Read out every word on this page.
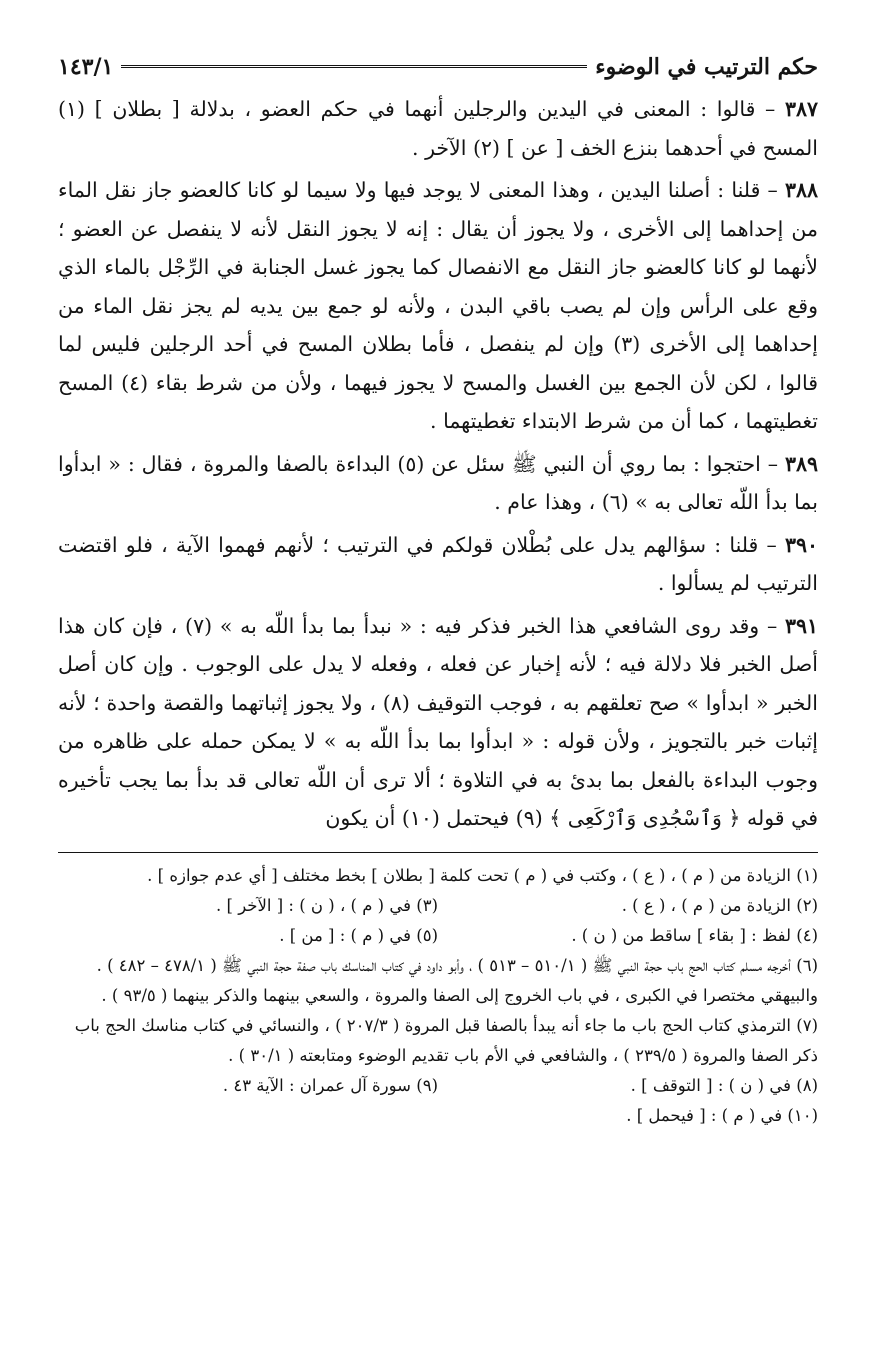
حكم الترتيب في الوضوء
١٤٣/١

٣٨٧ – قالوا : المعنى في اليدين والرجلين أنهما في حكم العضو ، بدلالة [ بطلان ] (١) المسح في أحدهما بنزع الخف [ عن ] (٢) الآخر .

٣٨٨ – قلنا : أصلنا اليدين ، وهذا المعنى لا يوجد فيها ولا سيما لو كانا كالعضو جاز نقل الماء من إحداهما إلى الأخرى ، ولا يجوز أن يقال : إنه لا يجوز النقل لأنه لا ينفصل عن العضو ؛ لأنهما لو كانا كالعضو جاز النقل مع الانفصال كما يجوز غسل الجنابة في الرِّجْل بالماء الذي وقع على الرأس وإن لم يصب باقي البدن ، ولأنه لو جمع بين يديه لم يجز نقل الماء من إحداهما إلى الأخرى (٣) وإن لم ينفصل ، فأما بطلان المسح في أحد الرجلين فليس لما قالوا ، لكن لأن الجمع بين الغسل والمسح لا يجوز فيهما ، ولأن من شرط بقاء (٤) المسح تغطيتهما ، كما أن من شرط الابتداء تغطيتهما .

٣٨٩ – احتجوا : بما روي أن النبي ﷺ سئل عن (٥) البداءة بالصفا والمروة ، فقال : « ابدأوا بما بدأ اللّه تعالى به » (٦) ، وهذا عام .

٣٩٠ – قلنا : سؤالهم يدل على بُطْلان قولكم في الترتيب ؛ لأنهم فهموا الآية ، فلو اقتضت الترتيب لم يسألوا .

٣٩١ – وقد روى الشافعي هذا الخبر فذكر فيه : « نبدأ بما بدأ اللّه به » (٧) ، فإن كان هذا أصل الخبر فلا دلالة فيه ؛ لأنه إخبار عن فعله ، وفعله لا يدل على الوجوب . وإن كان أصل الخبر « ابدأوا » صح تعلقهم به ، فوجب التوقيف (٨) ، ولا يجوز إثباتهما والقصة واحدة ؛ لأنه إثبات خبر بالتجويز ، ولأن قوله : « ابدأوا بما بدأ اللّه به » لا يمكن حمله على ظاهره من وجوب البداءة بالفعل بما بدئ به في التلاوة ؛ ألا ترى أن اللّه تعالى قد بدأ بما يجب تأخيره في قوله ﴿ وَٱسْجُدِى وَٱرْكَعِى ﴾ (٩) فيحتمل (١٠) أن يكون

(١) الزيادة من ( م ) ، ( ع ) ، وكتب في ( م ) تحت كلمة [ بطلان ] بخط مختلف [ أي عدم جوازه ] .

(٢) الزيادة من ( م ) ، ( ع ) .

(٣) في ( م ) ، ( ن ) : [ الآخر ] .

(٤) لفظ : [ بقاء ] ساقط من ( ن ) .

(٥) في ( م ) : [ من ] .

(٦) أخرجه مسلم كتاب الحج باب حجة النبي ﷺ ( ٥١٠/١ – ٥١٣ ) ، وأبو داود في كتاب المناسك باب صفة حجة النبي ﷺ ( ٤٧٨/١ – ٤٨٢ ) . والبيهقي مختصرا في الكبرى ، في باب الخروج إلى الصفا والمروة ، والسعي بينهما والذكر بينهما ( ٩٣/٥ ) .

(٧) الترمذي كتاب الحج باب ما جاء أنه يبدأ بالصفا قبل المروة ( ٢٠٧/٣ ) ، والنسائي في كتاب مناسك الحج باب ذكر الصفا والمروة ( ٢٣٩/٥ ) ، والشافعي في الأم باب تقديم الوضوء ومتابعته ( ٣٠/١ ) .

(٨) في ( ن ) : [ التوقف ] .

(٩) سورة آل عمران : الآية ٤٣ .

(١٠) في ( م ) : [ فيحمل ] .
